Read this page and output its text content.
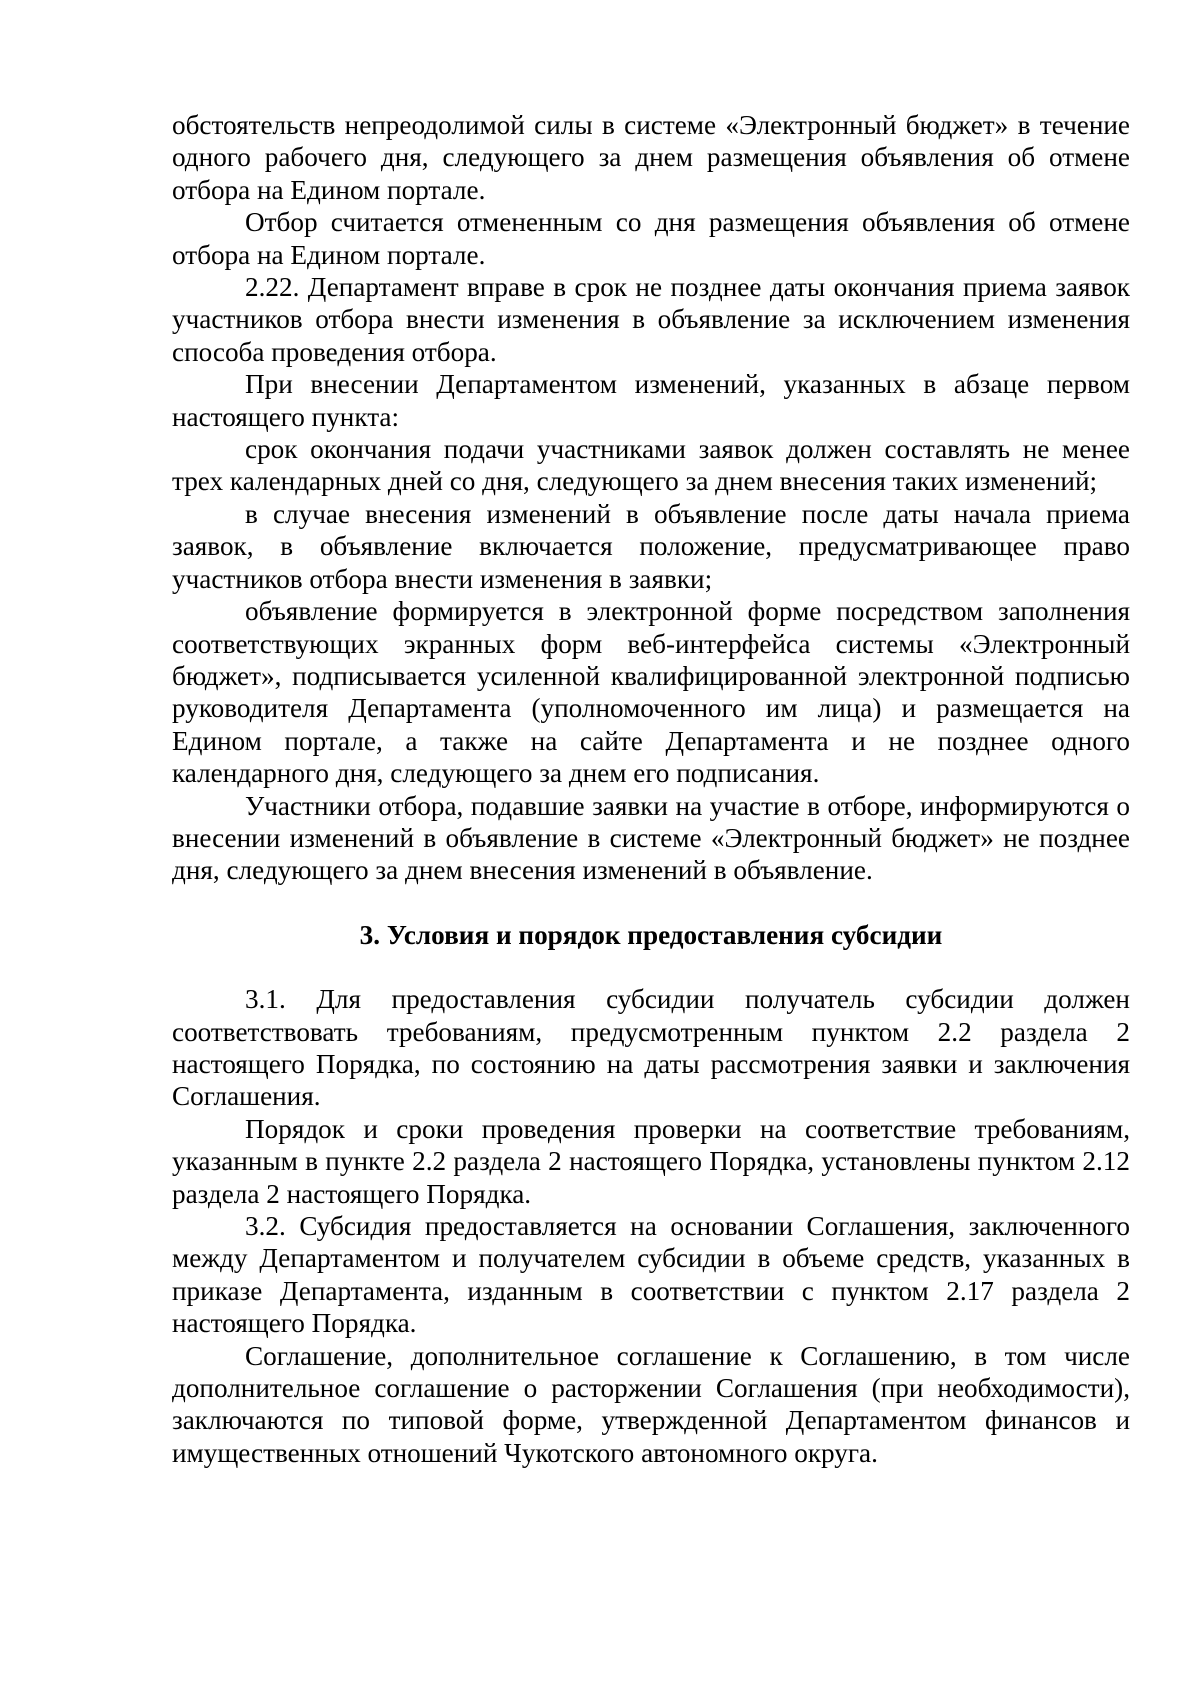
обстоятельств непреодолимой силы в системе «Электронный бюджет» в течение одного рабочего дня, следующего за днем размещения объявления об отмене отбора на Едином портале.

Отбор считается отмененным со дня размещения объявления об отмене отбора на Едином портале.

2.22. Департамент вправе в срок не позднее даты окончания приема заявок участников отбора внести изменения в объявление за исключением изменения способа проведения отбора.

При внесении Департаментом изменений, указанных в абзаце первом настоящего пункта:

срок окончания подачи участниками заявок должен составлять не менее трех календарных дней со дня, следующего за днем внесения таких изменений;

в случае внесения изменений в объявление после даты начала приема заявок, в объявление включается положение, предусматривающее право участников отбора внести изменения в заявки;

объявление формируется в электронной форме посредством заполнения соответствующих экранных форм веб-интерфейса системы «Электронный бюджет», подписывается усиленной квалифицированной электронной подписью руководителя Департамента (уполномоченного им лица) и размещается на Едином портале, а также на сайте Департамента и не позднее одного календарного дня, следующего за днем его подписания.

Участники отбора, подавшие заявки на участие в отборе, информируются о внесении изменений в объявление в системе «Электронный бюджет» не позднее дня, следующего за днем внесения изменений в объявление.

3. Условия и порядок предоставления субсидии

3.1. Для предоставления субсидии получатель субсидии должен соответствовать требованиям, предусмотренным пунктом 2.2 раздела 2 настоящего Порядка, по состоянию на даты рассмотрения заявки и заключения Соглашения.

Порядок и сроки проведения проверки на соответствие требованиям, указанным в пункте 2.2 раздела 2 настоящего Порядка, установлены пунктом 2.12 раздела 2 настоящего Порядка.

3.2. Субсидия предоставляется на основании Соглашения, заключенного между Департаментом и получателем субсидии в объеме средств, указанных в приказе Департамента, изданным в соответствии с пунктом 2.17 раздела 2 настоящего Порядка.

Соглашение, дополнительное соглашение к Соглашению, в том числе дополнительное соглашение о расторжении Соглашения (при необходимости), заключаются по типовой форме, утвержденной Департаментом финансов и имущественных отношений Чукотского автономного округа.
